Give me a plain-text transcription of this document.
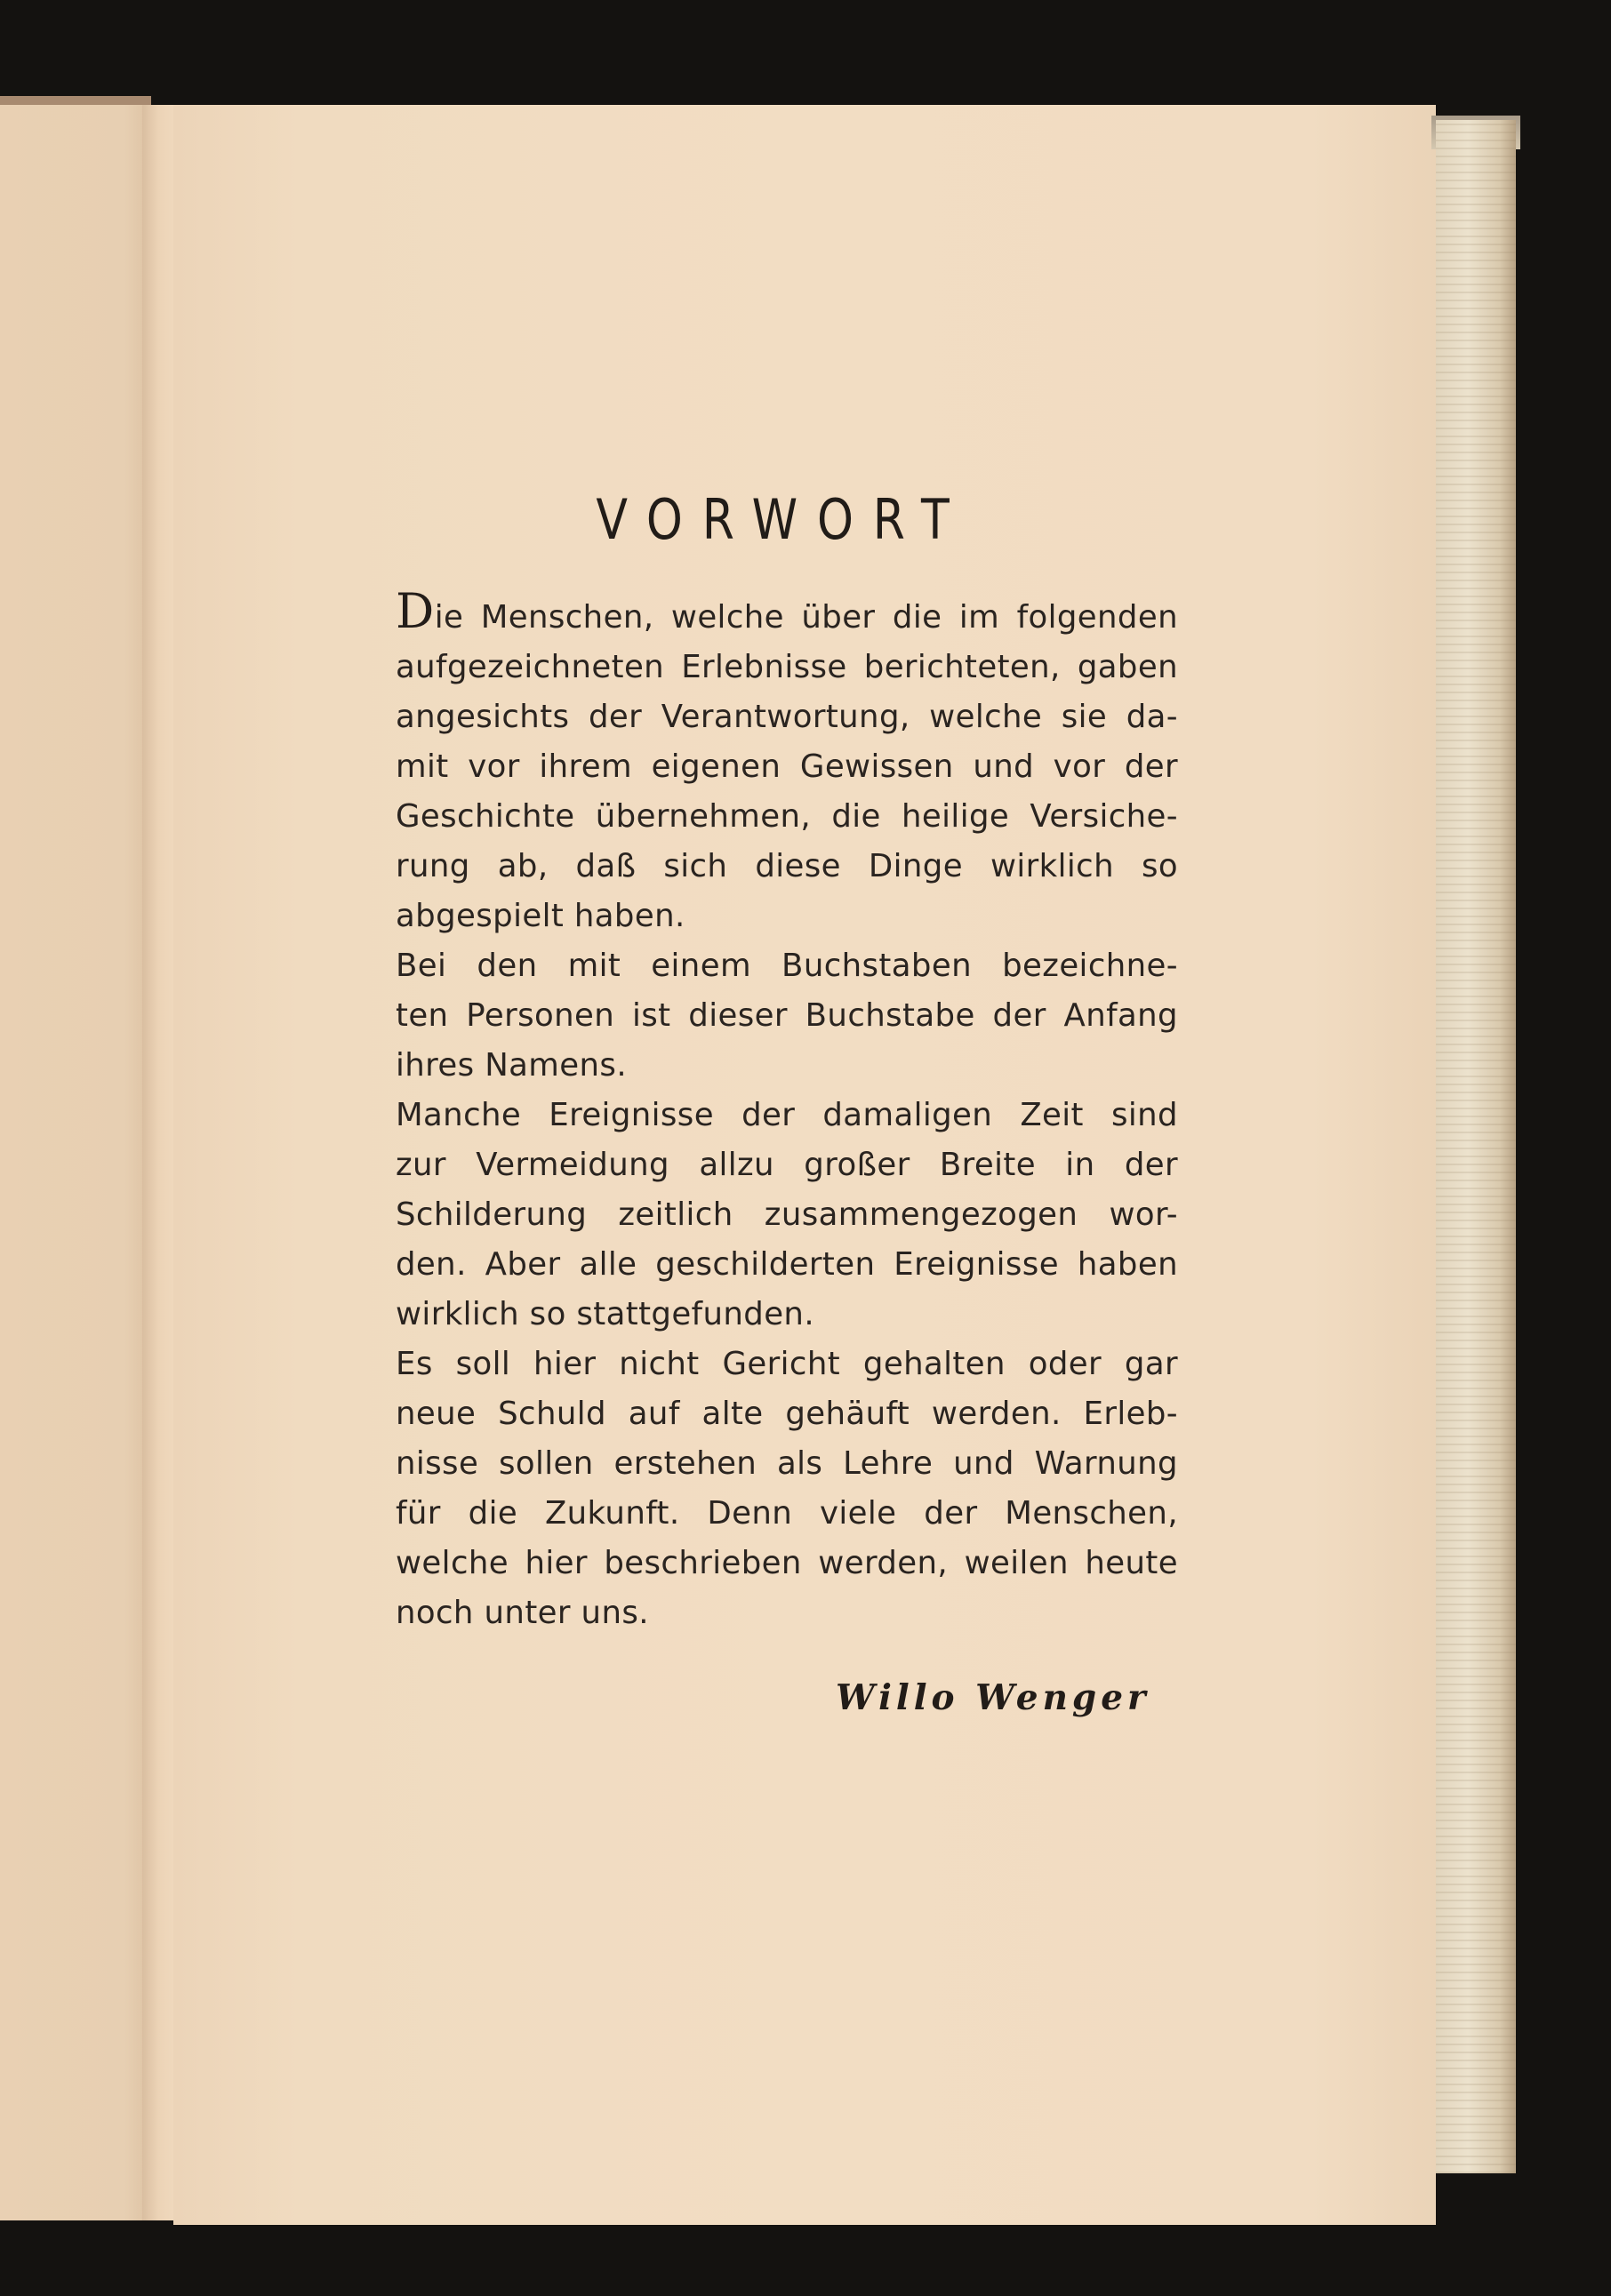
VORWORT
Die Menschen, welche über die im folgenden
aufgezeichneten Erlebnisse berichteten, gaben
angesichts der Verantwortung, welche sie da-
mit vor ihrem eigenen Gewissen und vor der
Geschichte übernehmen, die heilige Versiche-
rung ab, daß sich diese Dinge wirklich so
abgespielt haben.
Bei den mit einem Buchstaben bezeichne-
ten Personen ist dieser Buchstabe der Anfang
ihres Namens.
Manche Ereignisse der damaligen Zeit sind
zur Vermeidung allzu großer Breite in der
Schilderung zeitlich zusammengezogen wor-
den. Aber alle geschilderten Ereignisse haben
wirklich so stattgefunden.
Es soll hier nicht Gericht gehalten oder gar
neue Schuld auf alte gehäuft werden. Erleb-
nisse sollen erstehen als Lehre und Warnung
für die Zukunft. Denn viele der Menschen,
welche hier beschrieben werden, weilen heute
noch unter uns.
Willo Wenger
